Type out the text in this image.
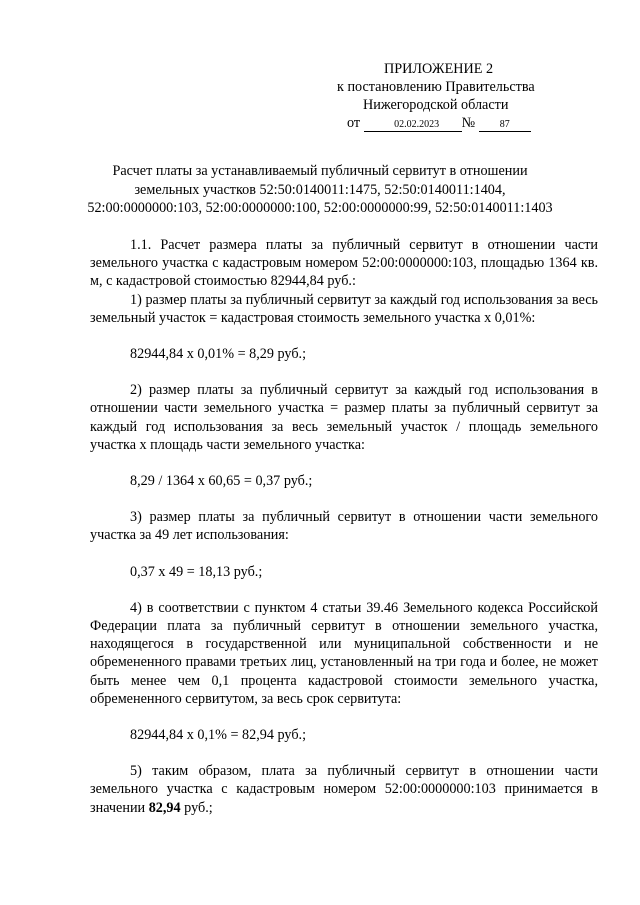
ПРИЛОЖЕНИЕ 2
к постановлению Правительства
Нижегородской области
от	02.02.2023 № 87
Расчет платы за устанавливаемый публичный сервитут в отношении
земельных участков 52:50:0140011:1475, 52:50:0140011:1404,
52:00:0000000:103, 52:00:0000000:100, 52:00:0000000:99, 52:50:0140011:1403

1.1. Расчет размера платы за публичный сервитут в отношении части земельного участка с кадастровым номером 52:00:0000000:103, площадью 1364 кв. м, с кадастровой стоимостью 82944,84 руб.:

1) размер платы за публичный сервитут за каждый год использования за весь земельный участок = кадастровая стоимость земельного участка х 0,01%:

82944,84 х 0,01% = 8,29 руб.;

2) размер платы за публичный сервитут за каждый год использования в отношении части земельного участка = размер платы за публичный сервитут за каждый год использования за весь земельный участок / площадь земельного участка х площадь части земельного участка:

8,29 / 1364 х 60,65 = 0,37 руб.;

3) размер платы за публичный сервитут в отношении части земельного участка за 49 лет использования:

0,37 х 49 = 18,13 руб.;

4) в соответствии с пунктом 4 статьи 39.46 Земельного кодекса Российской Федерации плата за публичный сервитут в отношении земельного участка, находящегося в государственной или муниципальной собственности и не обремененного правами третьих лиц, установленный на три года и более, не может быть менее чем 0,1 процента кадастровой стоимости земельного участка, обремененного сервитутом, за весь срок сервитута:

82944,84 х 0,1% = 82,94 руб.;

5) таким образом, плата за публичный сервитут в отношении части земельного участка с кадастровым номером 52:00:0000000:103 принимается в значении 82,94 руб.;
